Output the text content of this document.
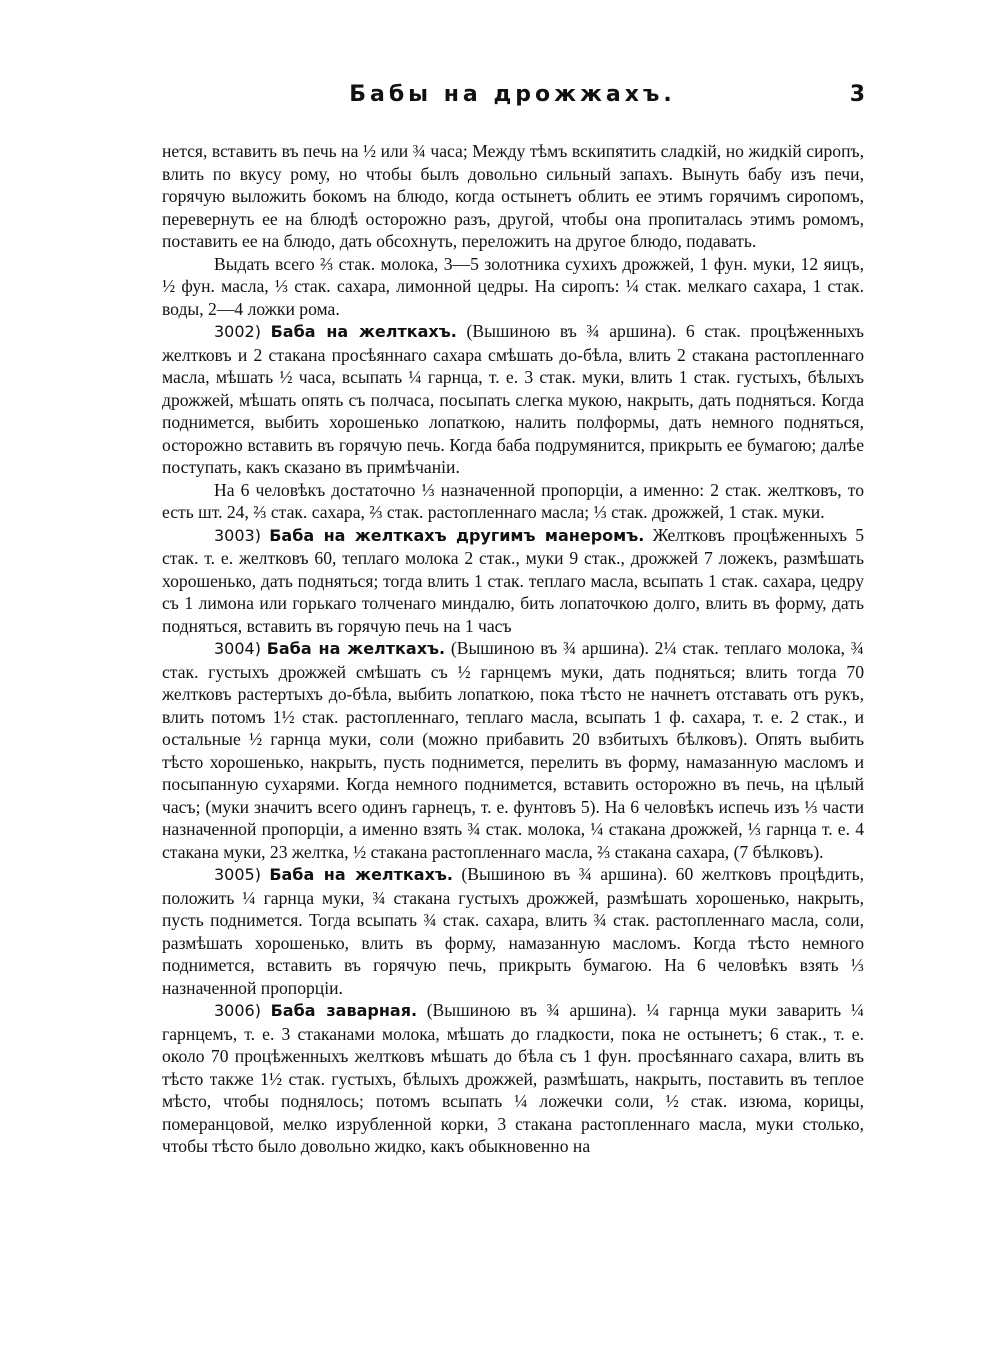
Бабы на дрожжахъ.	3

нется, вставить въ печь на ½ или ¾ часа; Между тѣмъ вскипятить сладкій, но жидкій сиропъ, влить по вкусу рому, но чтобы былъ довольно сильный запахъ. Вынуть бабу изъ печи, горячую выложить бокомъ на блюдо, когда остынетъ облить ее этимъ горячимъ сиропомъ, перевернуть ее на блюдѣ осторожно разъ, другой, чтобы она пропиталась этимъ ромомъ, поставить ее на блюдо, дать обсохнуть, переложить на другое блюдо, подавать.

Выдать всего ⅔ стак. молока, 3—5 золотника сухихъ дрожжей, 1 фун. муки, 12 яицъ, ½ фун. масла, ⅓ стак. сахара, лимонной цедры. На сиропъ: ¼ стак. мелкаго сахара, 1 стак. воды, 2—4 ложки рома.

3002) Баба на желткахъ. (Вышиною въ ¾ аршина). 6 стак. процѣженныхъ желтковъ и 2 стакана просѣяннаго сахара смѣшать до-бѣла, влить 2 стакана растопленнаго масла, мѣшать ½ часа, всыпать ¼ гарнца, т. е. 3 стак. муки, влить 1 стак. густыхъ, бѣлыхъ дрожжей, мѣшать опять съ полчаса, посыпать слегка мукою, накрыть, дать подняться. Когда поднимется, выбить хорошенько лопаткою, налить полформы, дать немного подняться, осторожно вставить въ горячую печь. Когда баба подрумянится, прикрыть ее бумагою; далѣе поступать, какъ сказано въ примѣчаніи.

На 6 человѣкъ достаточно ⅓ назначенной пропорціи, а именно: 2 стак. желтковъ, то есть шт. 24, ⅔ стак. сахара, ⅔ стак. растопленнаго масла; ⅓ стак. дрожжей, 1 стак. муки.

3003) Баба на желткахъ другимъ манеромъ. Желтковъ процѣженныхъ 5 стак. т. е. желтковъ 60, теплаго молока 2 стак., муки 9 стак., дрожжей 7 ложекъ, размѣшать хорошенько, дать подняться; тогда влить 1 стак. теплаго масла, всыпать 1 стак. сахара, цедру съ 1 лимона или горькаго толченаго миндалю, бить лопаточкою долго, влить въ форму, дать подняться, вставить въ горячую печь на 1 часъ

3004) Баба на желткахъ. (Вышиною въ ¾ аршина). 2¼ стак. теплаго молока, ¾ стак. густыхъ дрожжей смѣшать съ ½ гарнцемъ муки, дать подняться; влить тогда 70 желтковъ растертыхъ до-бѣла, выбить лопаткою, пока тѣсто не начнетъ отставать отъ рукъ, влить потомъ 1½ стак. растопленнаго, теплаго масла, всыпать 1 ф. сахара, т. е. 2 стак., и остальные ½ гарнца муки, соли (можно прибавить 20 взбитыхъ бѣлковъ). Опять выбить тѣсто хорошенько, накрыть, пусть поднимется, перелить въ форму, намазанную масломъ и посыпанную сухарями. Когда немного поднимется, вставить осторожно въ печь, на цѣлый часъ; (муки значитъ всего одинъ гарнецъ, т. е. фунтовъ 5). На 6 человѣкъ испечь изъ ⅓ части назначенной пропорціи, а именно взять ¾ стак. молока, ¼ стакана дрожжей, ⅓ гарнца т. е. 4 стакана муки, 23 желтка, ½ стакана растопленнаго масла, ⅔ стакана сахара, (7 бѣлковъ).

3005) Баба на желткахъ. (Вышиною въ ¾ аршина). 60 желтковъ процѣдить, положить ¼ гарнца муки, ¾ стакана густыхъ дрожжей, размѣшать хорошенько, накрыть, пусть поднимется. Тогда всыпать ¾ стак. сахара, влить ¾ стак. растопленнаго масла, соли, размѣшать хорошенько, влить въ форму, намазанную масломъ. Когда тѣсто немного поднимется, вставить въ горячую печь, прикрыть бумагою. На 6 человѣкъ взять ⅓ назначенной пропорціи.

3006) Баба заварная. (Вышиною въ ¾ аршина). ¼ гарнца муки заварить ¼ гарнцемъ, т. е. 3 стаканами молока, мѣшать до гладкости, пока не остынетъ; 6 стак., т. е. около 70 процѣженныхъ желтковъ мѣшать до бѣла съ 1 фун. просѣяннаго сахара, влить въ тѣсто также 1½ стак. густыхъ, бѣлыхъ дрожжей, размѣшать, накрыть, поставить въ теплое мѣсто, чтобы поднялось; потомъ всыпать ¼ ложечки соли, ½ стак. изюма, корицы, померанцовой, мелко изрубленной корки, 3 стакана растопленнаго масла, муки столько, чтобы тѣсто было довольно жидко, какъ обыкновенно на
